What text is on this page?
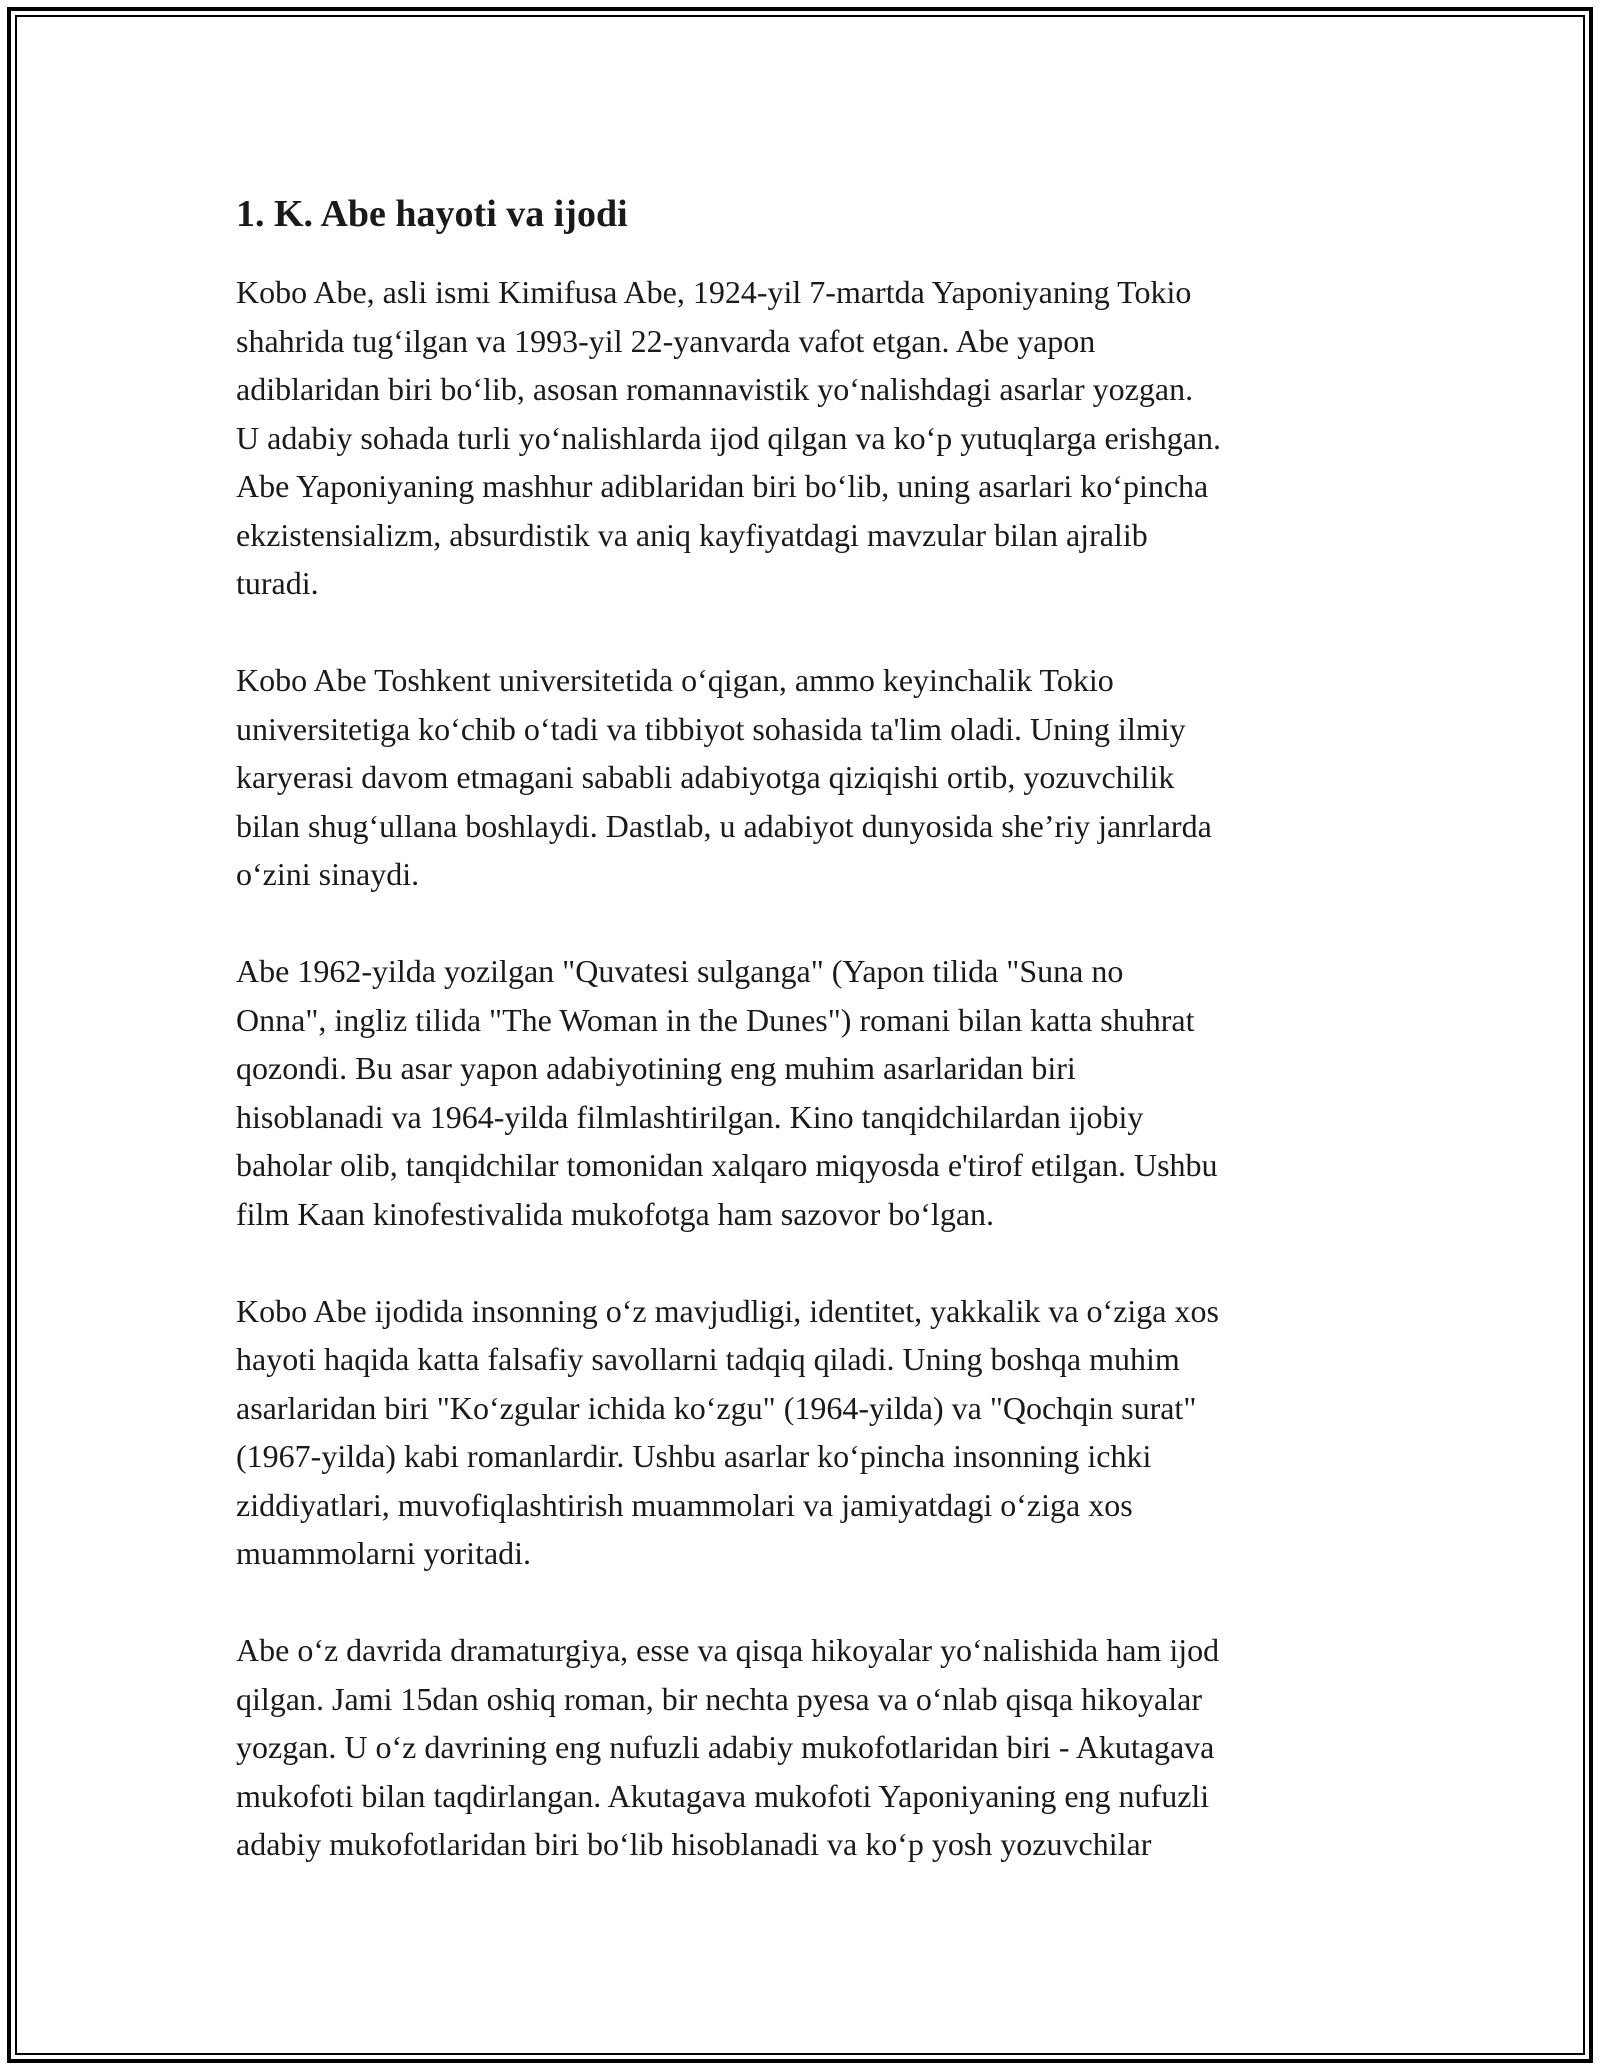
1. K. Abe hayoti va ijodi

Kobo Abe, asli ismi Kimifusa Abe, 1924-yil 7-martda Yaponiyaning Tokio
shahrida tug‘ilgan va 1993-yil 22-yanvarda vafot etgan. Abe yapon
adiblaridan biri bo‘lib, asosan romannavistik yo‘nalishdagi asarlar yozgan.
U adabiy sohada turli yo‘nalishlarda ijod qilgan va ko‘p yutuqlarga erishgan.
Abe Yaponiyaning mashhur adiblaridan biri bo‘lib, uning asarlari ko‘pincha
ekzistensializm, absurdistik va aniq kayfiyatdagi mavzular bilan ajralib
turadi.

Kobo Abe Toshkent universitetida o‘qigan, ammo keyinchalik Tokio
universitetiga ko‘chib o‘tadi va tibbiyot sohasida ta'lim oladi. Uning ilmiy
karyerasi davom etmagani sababli adabiyotga qiziqishi ortib, yozuvchilik
bilan shug‘ullana boshlaydi. Dastlab, u adabiyot dunyosida she’riy janrlarda
o‘zini sinaydi.

Abe 1962-yilda yozilgan "Quvatesi sulganga" (Yapon tilida "Suna no
Onna", ingliz tilida "The Woman in the Dunes") romani bilan katta shuhrat
qozondi. Bu asar yapon adabiyotining eng muhim asarlaridan biri
hisoblanadi va 1964-yilda filmlashtirilgan. Kino tanqidchilardan ijobiy
baholar olib, tanqidchilar tomonidan xalqaro miqyosda e'tirof etilgan. Ushbu
film Kaan kinofestivalida mukofotga ham sazovor bo‘lgan.

Kobo Abe ijodida insonning o‘z mavjudligi, identitet, yakkalik va o‘ziga xos
hayoti haqida katta falsafiy savollarni tadqiq qiladi. Uning boshqa muhim
asarlaridan biri "Ko‘zgular ichida ko‘zgu" (1964-yilda) va "Qochqin surat"
(1967-yilda) kabi romanlardir. Ushbu asarlar ko‘pincha insonning ichki
ziddiyatlari, muvofiqlashtirish muammolari va jamiyatdagi o‘ziga xos
muammolarni yoritadi.

Abe o‘z davrida dramaturgiya, esse va qisqa hikoyalar yo‘nalishida ham ijod
qilgan. Jami 15dan oshiq roman, bir nechta pyesa va o‘nlab qisqa hikoyalar
yozgan. U o‘z davrining eng nufuzli adabiy mukofotlaridan biri - Akutagava
mukofoti bilan taqdirlangan. Akutagava mukofoti Yaponiyaning eng nufuzli
adabiy mukofotlaridan biri bo‘lib hisoblanadi va ko‘p yosh yozuvchilar
